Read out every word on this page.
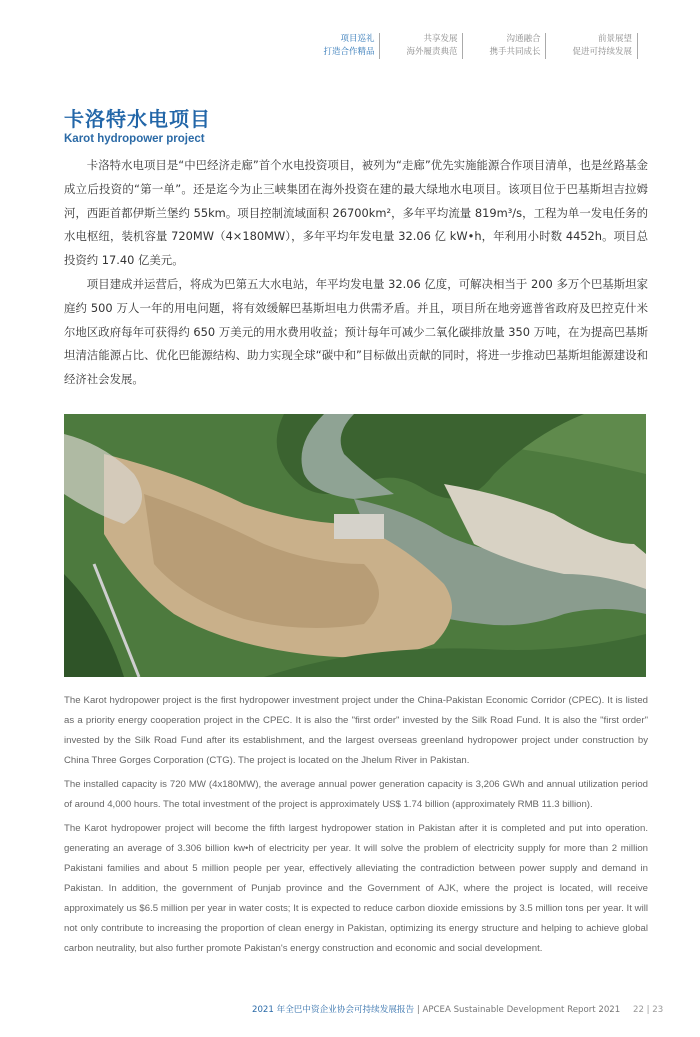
项目巡礼
打造合作精品
共享发展
海外履责典范
沟通融合
携手共同成长
前景展望
促进可持续发展
卡洛特水电项目
Karot hydropower project

卡洛特水电项目是“中巴经济走廊”首个水电投资项目，被列为“走廊”优先实施能源合作项目清单，也是丝路基金成立后投资的“第一单”。还是迄今为止三峡集团在海外投资在建的最大绿地水电项目。该项目位于巴基斯坦吉拉姆河，西距首都伊斯兰堡约 55km。项目控制流域面积 26700km²，多年平均流量 819m³/s，工程为单一发电任务的水电枢纽，装机容量 720MW（4×180MW），多年平均年发电量 32.06 亿 kW•h，年利用小时数 4452h。项目总投资约 17.40 亿美元。

项目建成并运营后，将成为巴第五大水电站，年平均发电量 32.06 亿度，可解决相当于 200 多万个巴基斯坦家庭约 500 万人一年的用电问题，将有效缓解巴基斯坦电力供需矛盾。并且，项目所在地旁遮普省政府及巴控克什米尔地区政府每年可获得约 650 万美元的用水费用收益；预计每年可减少二氧化碳排放量 350 万吨，在为提高巴基斯坦清洁能源占比、优化巴能源结构、助力实现全球“碳中和”目标做出贡献的同时，将进一步推动巴基斯坦能源建设和经济社会发展。

The Karot hydropower project is the first hydropower investment project under the China-Pakistan Economic Corridor (CPEC). It is listed as a priority energy cooperation project in the CPEC. It is also the "first order" invested by the Silk Road Fund. It is also the "first order" invested by the Silk Road Fund after its establishment, and the largest overseas greenland hydropower project under construction by China Three Gorges Corporation (CTG). The project is located on the Jhelum River in Pakistan.

The installed capacity is 720 MW (4x180MW), the average annual power generation capacity is 3,206 GWh and annual utilization period of around 4,000 hours. The total investment of the project is approximately US$ 1.74 billion (approximately RMB 11.3 billion).

The Karot hydropower project will become the fifth largest hydropower station in Pakistan after it is completed and put into operation. generating an average of 3.306 billion kw•h of electricity per year. It will solve the problem of electricity supply for more than 2 million Pakistani families and about 5 million people per year, effectively alleviating the contradiction between power supply and demand in Pakistan. In addition, the government of Punjab province and the Government of AJK, where the project is located, will receive approximately us $6.5 million per year in water costs; It is expected to reduce carbon dioxide emissions by 3.5 million tons per year. It will not only contribute to increasing the proportion of clean energy in Pakistan, optimizing its energy structure and helping to achieve global carbon neutrality, but also further promote Pakistan's energy construction and economic and social development.

2021 年全巴中资企业协会可持续发展报告 | APCEA Sustainable Development Report 2021 22 | 23
